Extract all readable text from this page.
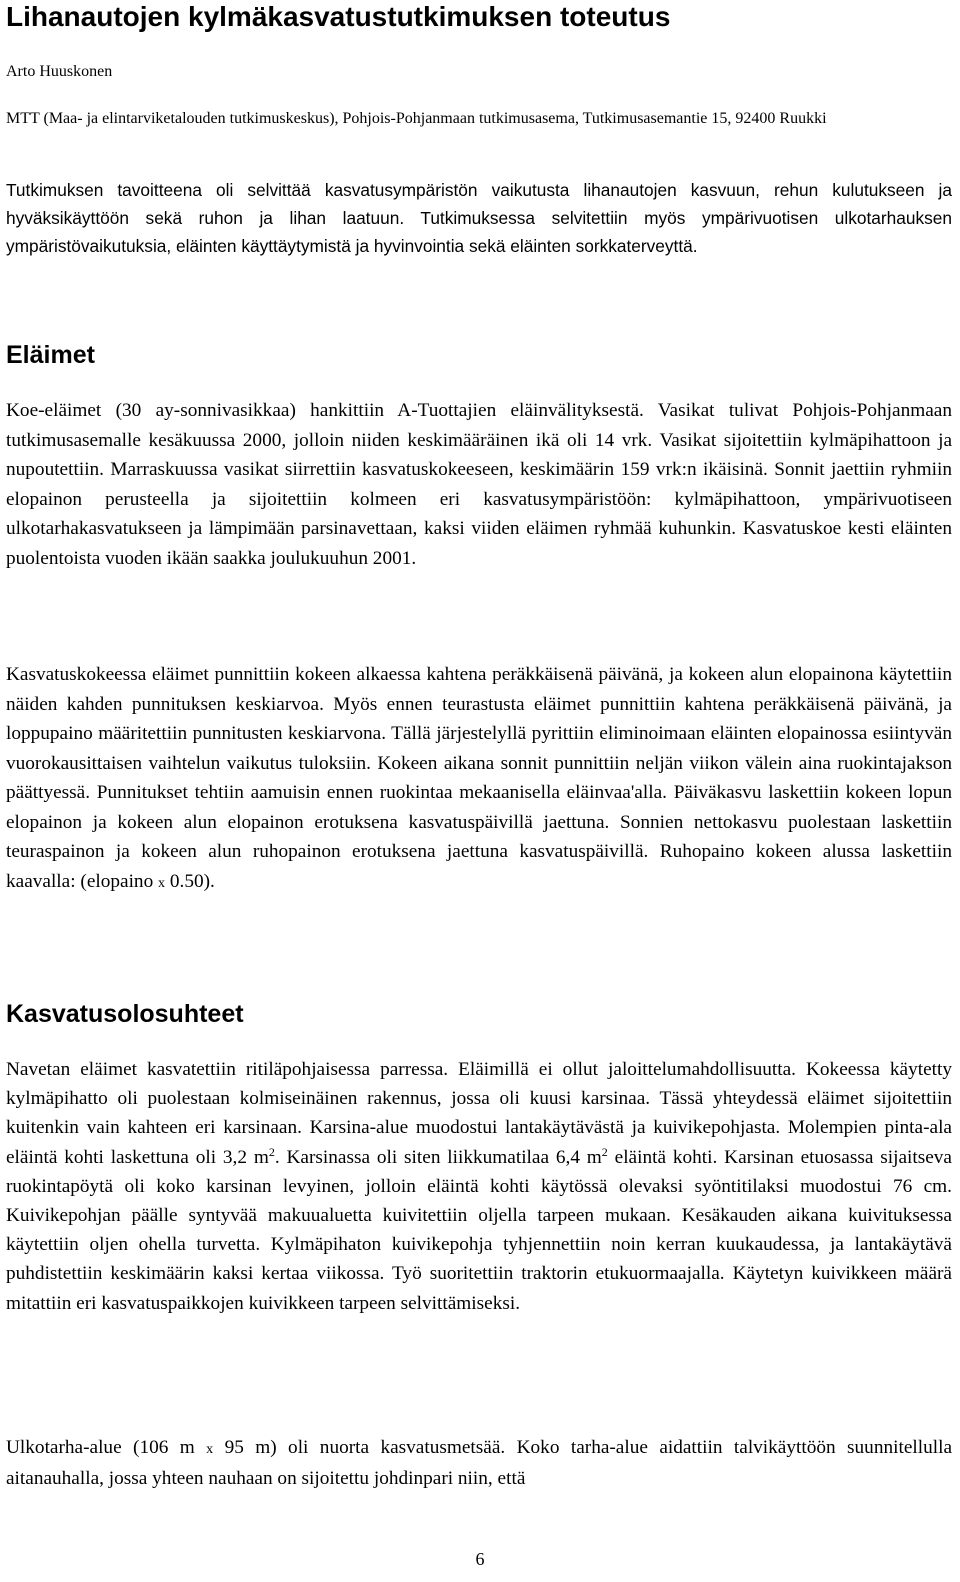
Lihanautojen kylmäkasvatustutkimuksen toteutus

Arto Huuskonen

MTT (Maa- ja elintarviketalouden tutkimuskeskus), Pohjois-Pohjanmaan tutkimusasema, Tutkimusasemantie 15, 92400 Ruukki

Tutkimuksen tavoitteena oli selvittää kasvatusympäristön vaikutusta lihanautojen kasvuun, rehun kulutukseen ja hyväksikäyttöön sekä ruhon ja lihan laatuun. Tutkimuksessa selvitettiin myös ympärivuotisen ulkotarhauksen ympäristövaikutuksia, eläinten käyttäytymistä ja hyvinvointia sekä eläinten sorkkaterveyttä.

Eläimet

Koe-eläimet (30 ay-sonnivasikkaa) hankittiin A-Tuottajien eläinvälityksestä. Vasikat tulivat Pohjois-Pohjanmaan tutkimusasemalle kesäkuussa 2000, jolloin niiden keskimääräinen ikä oli 14 vrk. Vasikat sijoitettiin kylmäpihattoon ja nupoutettiin. Marraskuussa vasikat siirrettiin kasvatuskokeeseen, keskimäärin 159 vrk:n ikäisinä. Sonnit jaettiin ryhmiin elopainon perusteella ja sijoitettiin kolmeen eri kasvatusympäristöön: kylmäpihattoon, ympärivuotiseen ulkotarhakasvatukseen ja lämpimään parsinavettaan, kaksi viiden eläimen ryhmää kuhunkin. Kasvatuskoe kesti eläinten puolentoista vuoden ikään saakka joulukuuhun 2001.

Kasvatuskokeessa eläimet punnittiin kokeen alkaessa kahtena peräkkäisenä päivänä, ja kokeen alun elopainona käytettiin näiden kahden punnituksen keskiarvoa. Myös ennen teurastusta eläimet punnittiin kahtena peräkkäisenä päivänä, ja loppupaino määritettiin punnitusten keskiarvona. Tällä järjestelyllä pyrittiin eliminoimaan eläinten elopainossa esiintyvän vuorokausittaisen vaihtelun vaikutus tuloksiin. Kokeen aikana sonnit punnittiin neljän viikon välein aina ruokintajakson päättyessä. Punnitukset tehtiin aamuisin ennen ruokintaa mekaanisella eläinvaa'alla. Päiväkasvu laskettiin kokeen lopun elopainon ja kokeen alun elopainon erotuksena kasvatuspäivillä jaettuna. Sonnien nettokasvu puolestaan laskettiin teuraspainon ja kokeen alun ruhopainon erotuksena jaettuna kasvatuspäivillä. Ruhopaino kokeen alussa laskettiin kaavalla: (elopaino x 0.50).

Kasvatusolosuhteet

Navetan eläimet kasvatettiin ritiläpohjaisessa parressa. Eläimillä ei ollut jaloittelumahdollisuutta. Kokeessa käytetty kylmäpihatto oli puolestaan kolmiseinäinen rakennus, jossa oli kuusi karsinaa. Tässä yhteydessä eläimet sijoitettiin kuitenkin vain kahteen eri karsinaan. Karsina-alue muodostui lantakäytävästä ja kuivikepohjasta. Molempien pinta-ala eläintä kohti laskettuna oli 3,2 $m^2$. Karsinassa oli siten liikkumatilaa 6,4 $m^2$ eläintä kohti. Karsinan etuosassa sijaitseva ruokintapöytä oli koko karsinan levyinen, jolloin eläintä kohti käytössä olevaksi syöntitilaksi muodostui 76 cm. Kuivikepohjan päälle syntyvää makuualuetta kuivitettiin oljella tarpeen mukaan. Kesäkauden aikana kuivituksessa käytettiin oljen ohella turvetta. Kylmäpihaton kuivikepohja tyhjennettiin noin kerran kuukaudessa, ja lantakäytävä puhdistettiin keskimäärin kaksi kertaa viikossa. Työ suoritettiin traktorin etukuormaajalla. Käytetyn kuivikkeen määrä mitattiin eri kasvatuspaikkojen kuivikkeen tarpeen selvittämiseksi.

Ulkotarha-alue (106 m x 95 m) oli nuorta kasvatusmetsää. Koko tarha-alue aidattiin talvikäyttöön suunnitellulla aitanauhalla, jossa yhteen nauhaan on sijoitettu johdinpari niin, että

6
